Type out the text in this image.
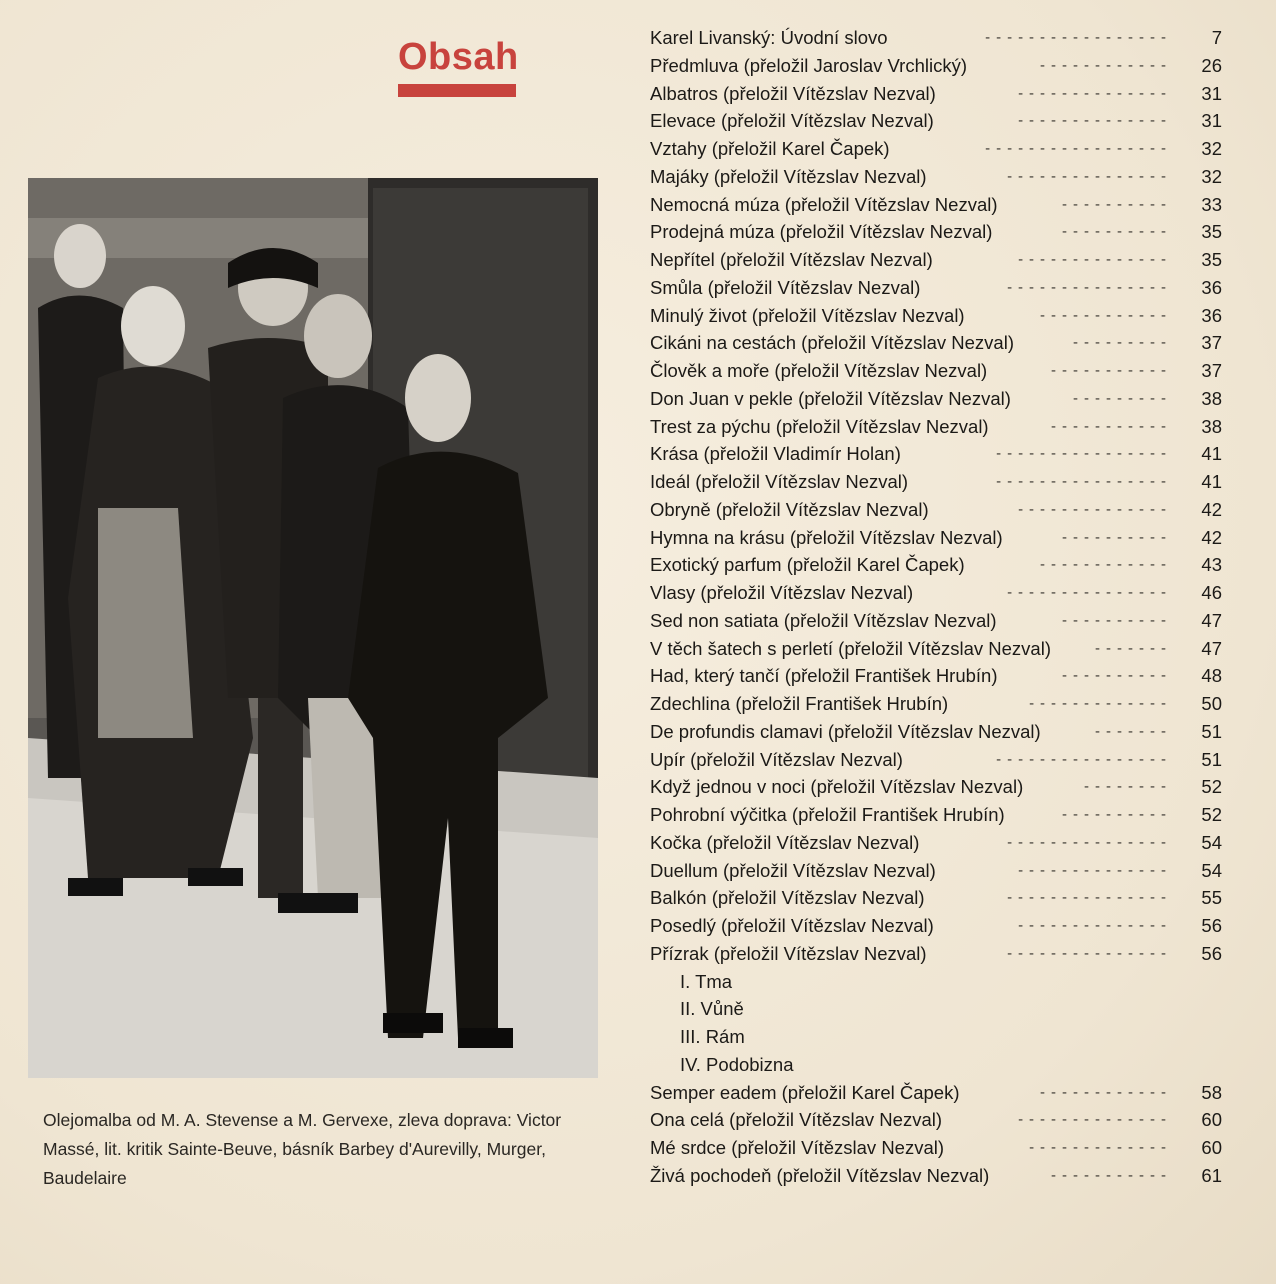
Obsah
Olejomalba od M. A. Stevense a M. Gervexe, zleva doprava: Victor Massé, lit. kritik Sainte-Beuve, básník Barbey d'Aurevilly, Murger, Baudelaire
Karel Livanský: Úvodní slovo	7
-----------------
Předmluva (přeložil Jaroslav Vrchlický)	26
------------
Albatros (přeložil Vítězslav Nezval)	31
--------------
Elevace (přeložil Vítězslav Nezval)	31
--------------
Vztahy (přeložil Karel Čapek)	32
-----------------
Majáky (přeložil Vítězslav Nezval)	32
---------------
Nemocná múza (přeložil Vítězslav Nezval)	33
----------
Prodejná múza (přeložil Vítězslav Nezval)	35
----------
Nepřítel (přeložil Vítězslav Nezval)	35
--------------
Smůla (přeložil Vítězslav Nezval)	36
---------------
Minulý život (přeložil Vítězslav Nezval)	36
------------
Cikáni na cestách (přeložil Vítězslav Nezval)	37
---------
Člověk a moře (přeložil Vítězslav Nezval)	37
-----------
Don Juan v pekle (přeložil Vítězslav Nezval)	38
---------
Trest za pýchu (přeložil Vítězslav Nezval)	38
-----------
Krása (přeložil Vladimír Holan)	41
----------------
Ideál (přeložil Vítězslav Nezval)	41
----------------
Obryně (přeložil Vítězslav Nezval)	42
--------------
Hymna na krásu (přeložil Vítězslav Nezval)	42
----------
Exotický parfum (přeložil Karel Čapek)	43
------------
Vlasy (přeložil Vítězslav Nezval)	46
---------------
Sed non satiata (přeložil Vítězslav Nezval)	47
----------
V těch šatech s perletí (přeložil Vítězslav Nezval)	47
-------
Had, který tančí (přeložil František Hrubín)	48
----------
Zdechlina (přeložil František Hrubín)	50
-------------
De profundis clamavi (přeložil Vítězslav Nezval)	51
-------
Upír (přeložil Vítězslav Nezval)	51
----------------
Když jednou v noci (přeložil Vítězslav Nezval)	52
--------
Pohrobní výčitka (přeložil František Hrubín)	52
----------
Kočka (přeložil Vítězslav Nezval)	54
---------------
Duellum (přeložil Vítězslav Nezval)	54
--------------
Balkón (přeložil Vítězslav Nezval)	55
---------------
Posedlý (přeložil Vítězslav Nezval)	56
--------------
Přízrak (přeložil Vítězslav Nezval)	56
---------------
I. Tma
II. Vůně
III. Rám
IV. Podobizna
Semper eadem (přeložil Karel Čapek)	58
------------
Ona celá (přeložil Vítězslav Nezval)	60
--------------
Mé srdce (přeložil Vítězslav Nezval)	60
-------------
Živá pochodeň (přeložil Vítězslav Nezval)	61
-----------
